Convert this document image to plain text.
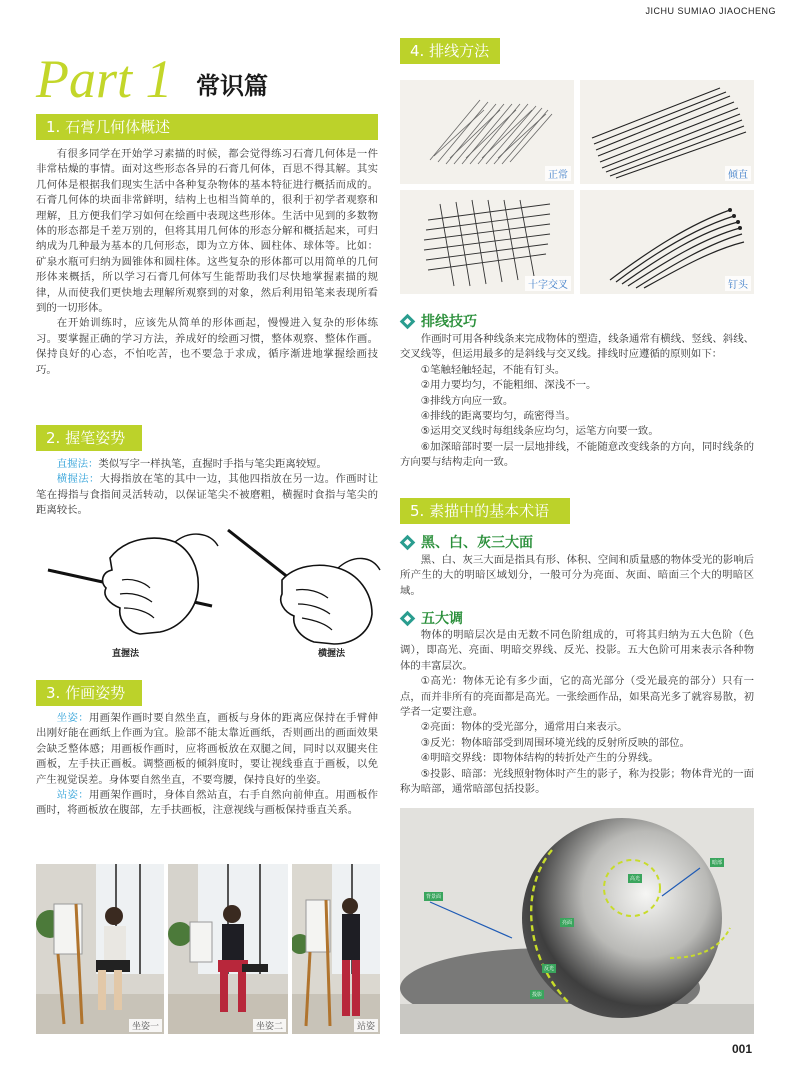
JICHU SUMIAO JIAOCHENG
Part 1 常识篇
1. 石膏几何体概述

有很多同学在开始学习素描的时候，都会觉得练习石膏几何体是一件非常枯燥的事情。面对这些形态各异的石膏几何体，百思不得其解。其实几何体是根据我们现实生活中各种复杂物体的基本特征进行概括而成的。石膏几何体的块面非常鲜明，结构上也相当简单的，很利于初学者观察和理解，且方便我们学习如何在绘画中表现这些形体。生活中见到的多数物体的形态都是千差万别的，但将其用几何体的形态分解和概括起来，可归纳成为几种最为基本的几何形态，即为立方体、圆柱体、球体等。比如：矿泉水瓶可归纳为圆锥体和圆柱体。这些复杂的形体都可以用简单的几何形体来概括，所以学习石膏几何体写生能帮助我们尽快地掌握素描的规律，从而使我们更快地去理解所观察到的对象，然后利用铅笔来表现所看到的一切形体。

在开始训练时，应该先从简单的形体画起，慢慢进入复杂的形体练习。要掌握正确的学习方法，养成好的绘画习惯，整体观察、整体作画。保持良好的心态，不怕吃苦，也不要急于求成，循序渐进地掌握绘画技巧。

2. 握笔姿势

直握法：类似写字一样执笔，直握时手指与笔尖距离较短。

横握法：大拇指放在笔的其中一边，其他四指放在另一边。作画时让笔在拇指与食指间灵活转动，以保证笔尖不被磨粗，横握时食指与笔尖的距离较长。

直握法	横握法
3. 作画姿势

坐姿：用画架作画时要自然坐直，画板与身体的距离应保持在手臂伸出刚好能在画纸上作画为宜。脸部不能太靠近画纸，否则画出的画面效果会缺乏整体感；用画板作画时，应将画板放在双腿之间，同时以双腿夹住画板，左手扶正画板。调整画板的倾斜度时，要让视线垂直于画板，以免产生视觉误差。身体要自然坐直，不要弯腰，保持良好的坐姿。

站姿：用画架作画时，身体自然站直，右手自然向前伸直。用画板作画时，将画板放在腹部，左手扶画板，注意视线与画板保持垂直关系。

坐姿一	坐姿二	站姿
4. 排线方法
正常	倾直
十字交叉	钉头
排线技巧

作画时可用各种线条来完成物体的塑造，线条通常有横线、竖线、斜线、交叉线等，但运用最多的是斜线与交叉线。排线时应遵循的原则如下：

①笔触轻触轻起，不能有钉头。

②用力要均匀，不能粗细、深浅不一。

③排线方向应一致。

④排线的距离要均匀，疏密得当。

⑤运用交叉线时每组线条应均匀，运笔方向要一致。

⑥加深暗部时要一层一层地排线，不能随意改变线条的方向，同时线条的方向要与结构走向一致。

5. 素描中的基本术语
黑、白、灰三大面

黑、白、灰三大面是指具有形、体积、空间和质量感的物体受光的影响后所产生的大的明暗区域划分，一般可分为亮面、灰面、暗面三个大的明暗区域。

五大调

物体的明暗层次是由无数不同色阶组成的，可将其归纳为五大色阶（色调），即高光、亮面、明暗交界线、反光、投影。五大色阶可用来表示各种物体的丰富层次。

①高光：物体无论有多少面，它的高光部分（受光最亮的部分）只有一点，而并非所有的亮面都是高光。一张绘画作品，如果高光多了就容易散，初学者一定要注意。

②亮面：物体的受光部分，通常用白来表示。

③反光：物体暗部受到周围环境光线的反射所反映的部位。

④明暗交界线：即物体结构的转折处产生的分界线。

⑤投影、暗部：光线照射物体时产生的影子，称为投影；物体背光的一面称为暗部，通常暗部包括投影。

高光
亮面
反光
投影
背景面
暗部
001
